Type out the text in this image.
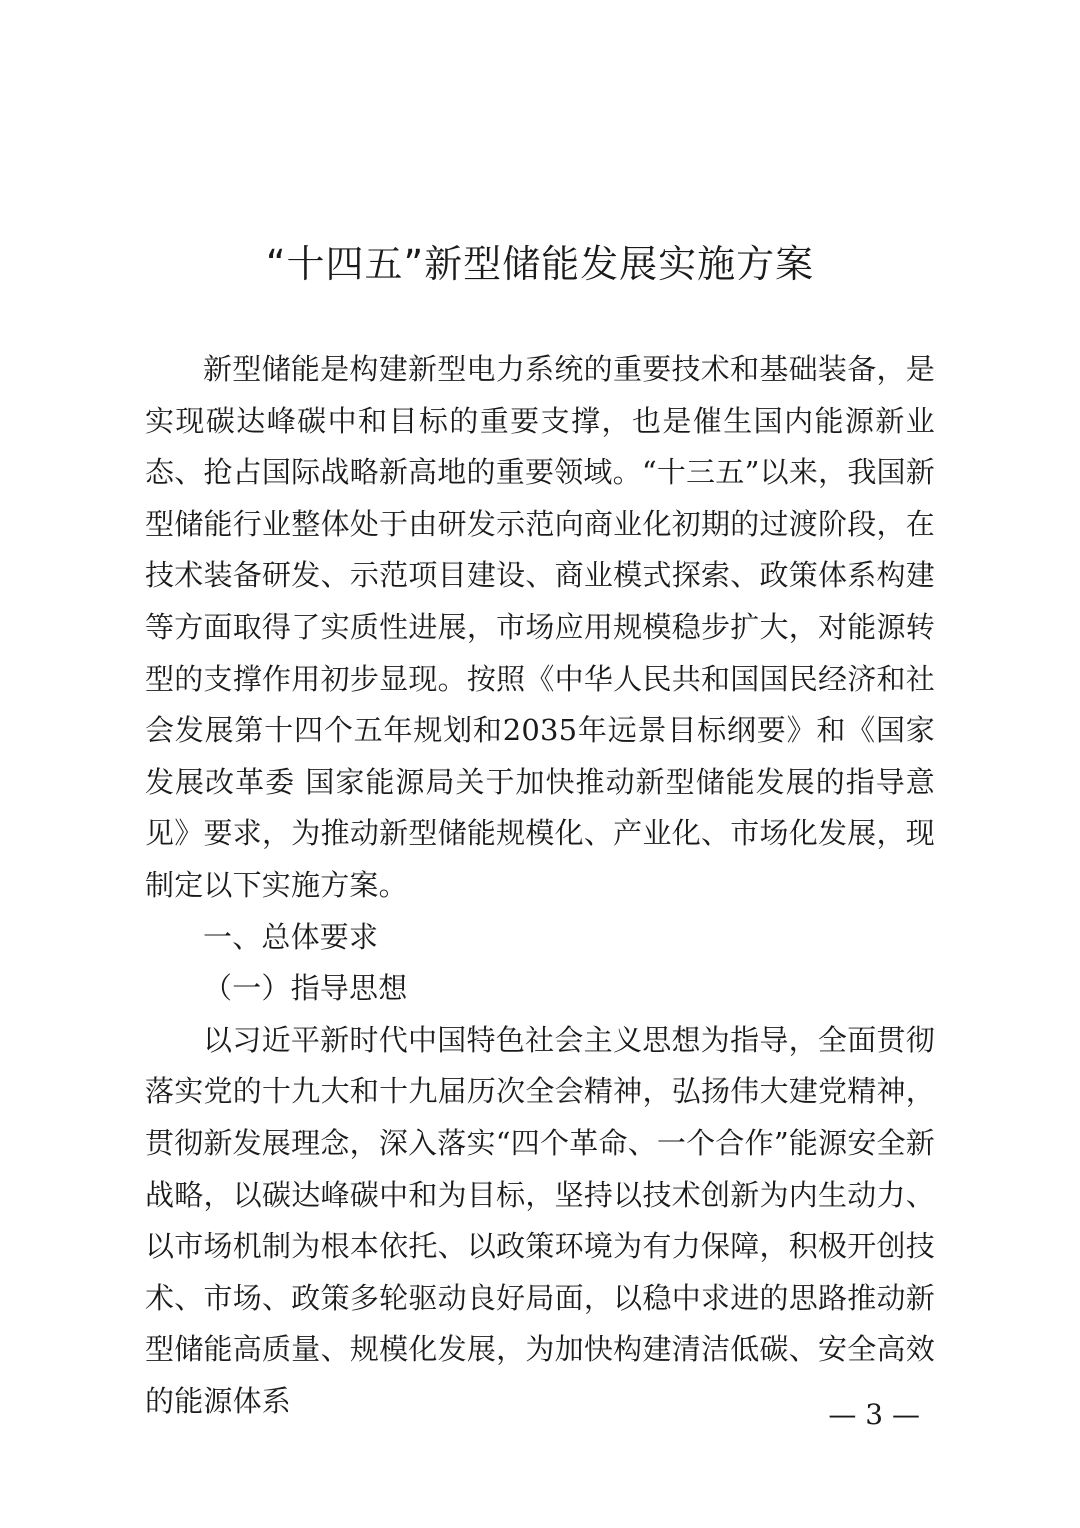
“十四五”新型储能发展实施方案

新型储能是构建新型电力系统的重要技术和基础装备，是实现碳达峰碳中和目标的重要支撑，也是催生国内能源新业态、抢占国际战略新高地的重要领域。“十三五”以来，我国新型储能行业整体处于由研发示范向商业化初期的过渡阶段，在技术装备研发、示范项目建设、商业模式探索、政策体系构建等方面取得了实质性进展，市场应用规模稳步扩大，对能源转型的支撑作用初步显现。按照《中华人民共和国国民经济和社会发展第十四个五年规划和2035年远景目标纲要》和《国家发展改革委 国家能源局关于加快推动新型储能发展的指导意见》要求，为推动新型储能规模化、产业化、市场化发展，现制定以下实施方案。

一、总体要求

（一）指导思想

以习近平新时代中国特色社会主义思想为指导，全面贯彻落实党的十九大和十九届历次全会精神，弘扬伟大建党精神，贯彻新发展理念，深入落实“四个革命、一个合作”能源安全新战略，以碳达峰碳中和为目标，坚持以技术创新为内生动力、以市场机制为根本依托、以政策环境为有力保障，积极开创技术、市场、政策多轮驱动良好局面，以稳中求进的思路推动新型储能高质量、规模化发展，为加快构建清洁低碳、安全高效的能源体系	— 3 —
